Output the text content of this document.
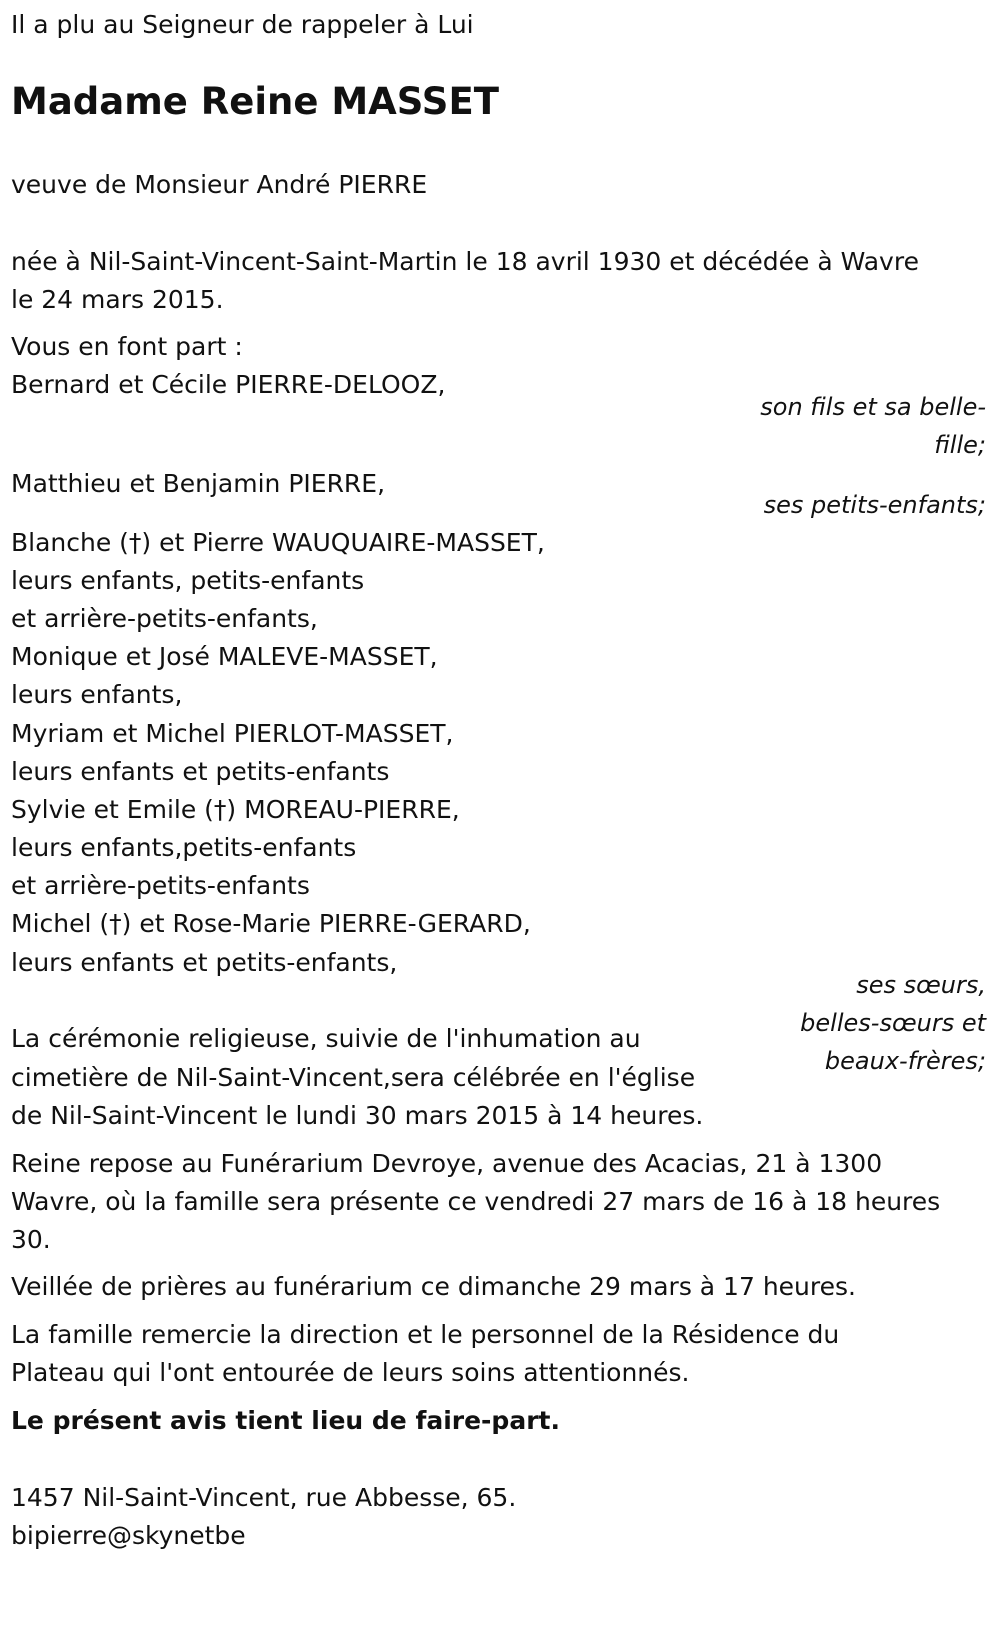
Il a plu au Seigneur de rappeler à Lui
Madame Reine MASSET
veuve de Monsieur André PIERRE
née à Nil-Saint-Vincent-Saint-Martin le 18 avril 1930 et décédée à Wavre
le 24 mars 2015.
Vous en font part :
Bernard et Cécile PIERRE-DELOOZ,
son fils et sa belle-
fille;
Matthieu et Benjamin PIERRE,
ses petits-enfants;
Blanche (†) et Pierre WAUQUAIRE-MASSET,
leurs enfants, petits-enfants
et arrière-petits-enfants,
Monique et José MALEVE-MASSET,
leurs enfants,
Myriam et Michel PIERLOT-MASSET,
leurs enfants et petits-enfants
Sylvie et Emile (†) MOREAU-PIERRE,
leurs enfants,petits-enfants
et arrière-petits-enfants
Michel (†) et Rose-Marie PIERRE-GERARD,
leurs enfants et petits-enfants,
ses sœurs,
belles-sœurs et
beaux-frères;
La cérémonie religieuse, suivie de l'inhumation au
cimetière de Nil-Saint-Vincent,sera célébrée en l'église
de Nil-Saint-Vincent le lundi 30 mars 2015 à 14 heures.
Reine repose au Funérarium Devroye, avenue des Acacias, 21 à 1300
Wavre, où la famille sera présente ce vendredi 27 mars de 16 à 18 heures
30.
Veillée de prières au funérarium ce dimanche 29 mars à 17 heures.
La famille remercie la direction et le personnel de la Résidence du
Plateau qui l'ont entourée de leurs soins attentionnés.
Le présent avis tient lieu de faire-part.
1457 Nil-Saint-Vincent, rue Abbesse, 65.
bipierre@skynetbe
